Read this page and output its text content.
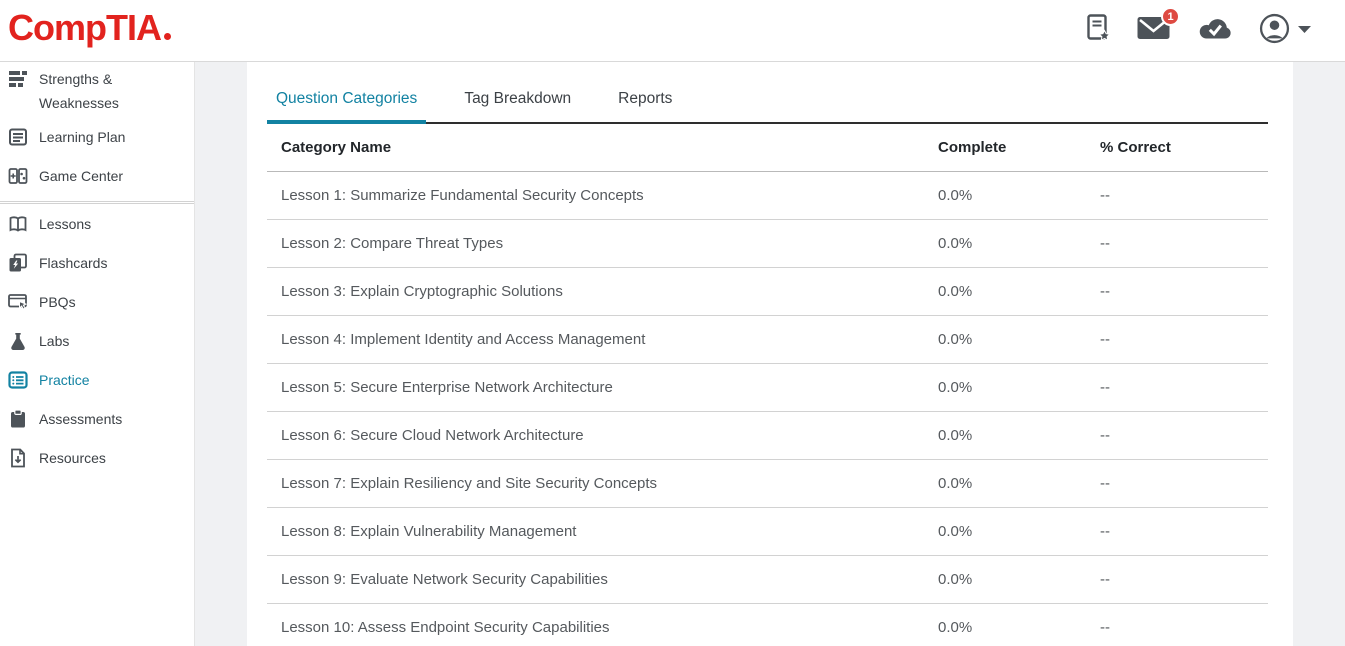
CompTIA	1
Strengths & Weaknesses
Learning Plan
Game Center
Lessons
Flashcards
PBQs
Labs
Practice
Assessments
Resources
Question Categories	Tag Breakdown	Reports
Category Name	Complete	% Correct
Lesson 1: Summarize Fundamental Security Concepts	0.0%	--
Lesson 2: Compare Threat Types	0.0%	--
Lesson 3: Explain Cryptographic Solutions	0.0%	--
Lesson 4: Implement Identity and Access Management	0.0%	--
Lesson 5: Secure Enterprise Network Architecture	0.0%	--
Lesson 6: Secure Cloud Network Architecture	0.0%	--
Lesson 7: Explain Resiliency and Site Security Concepts	0.0%	--
Lesson 8: Explain Vulnerability Management	0.0%	--
Lesson 9: Evaluate Network Security Capabilities	0.0%	--
Lesson 10: Assess Endpoint Security Capabilities	0.0%	--
